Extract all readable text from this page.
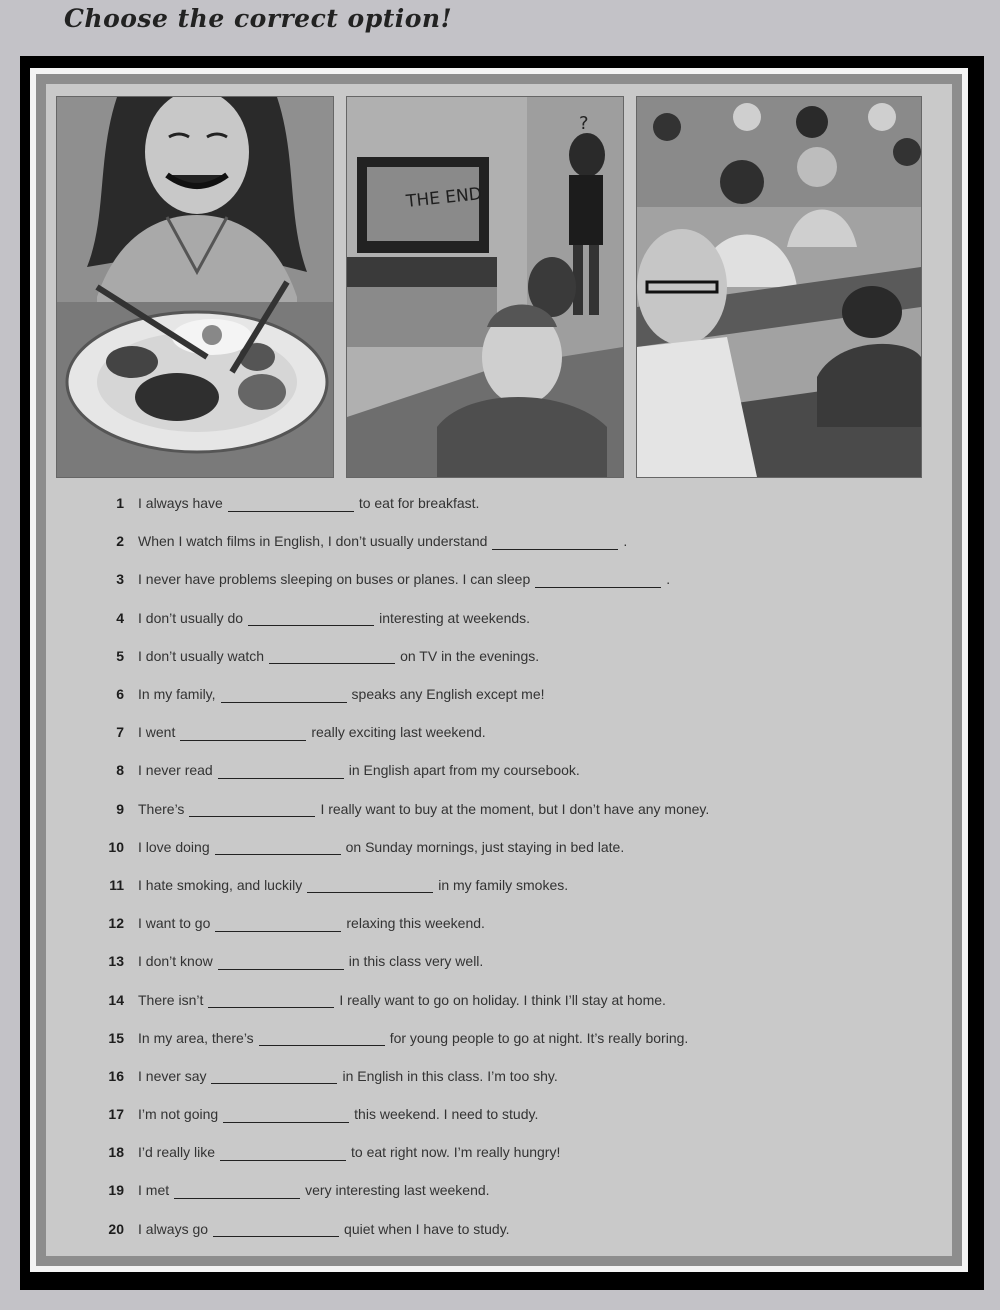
Choose the correct option!
?
THE END
1 I always have	to eat for breakfast.
2 When I watch films in English, I don’t usually understand	.
3 I never have problems sleeping on buses or planes. I can sleep	.
4 I don’t usually do	interesting at weekends.
5 I don’t usually watch	on TV in the evenings.
6 In my family,	speaks any English except me!
7 I went	really exciting last weekend.
8 I never read	in English apart from my coursebook.
9 There’s	I really want to buy at the moment, but I don’t have any money.
10 I love doing	on Sunday mornings, just staying in bed late.
11 I hate smoking, and luckily	in my family smokes.
12 I want to go	relaxing this weekend.
13 I don’t know	in this class very well.
14 There isn’t	I really want to go on holiday. I think I’ll stay at home.
15 In my area, there’s	for young people to go at night. It’s really boring.
16 I never say	in English in this class. I’m too shy.
17 I’m not going	this weekend. I need to study.
18 I’d really like	to eat right now. I’m really hungry!
19 I met	very interesting last weekend.
20 I always go	quiet when I have to study.
